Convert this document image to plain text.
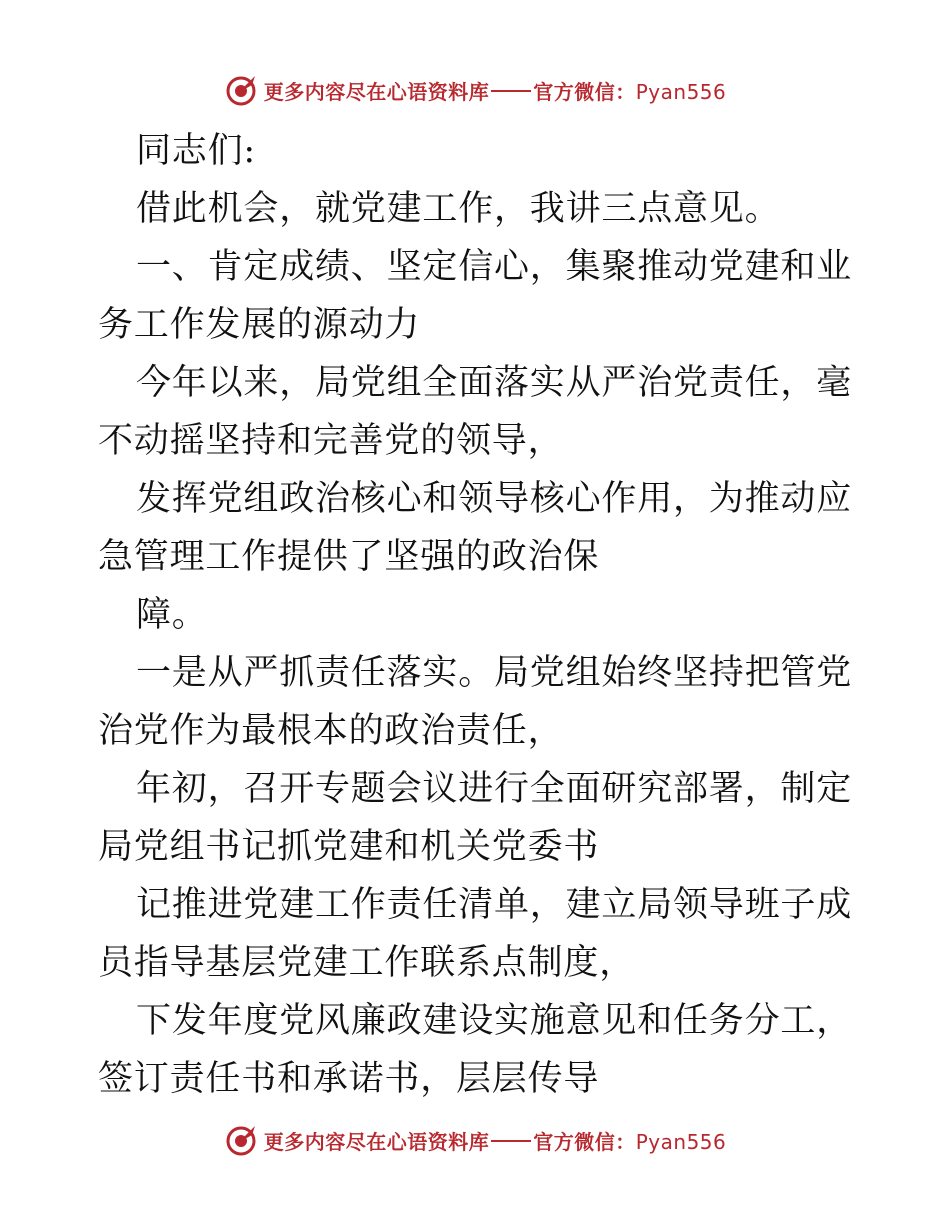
更多内容尽在心语资料库 官方微信：Pyan556

同志们:

借此机会，就党建工作，我讲三点意见。

一、肯定成绩、坚定信心，集聚推动党建和业务工作发展的源动力

今年以来，局党组全面落实从严治党责任，毫不动摇坚持和完善党的领导，

发挥党组政治核心和领导核心作用，为推动应急管理工作提供了坚强的政治保

障。

一是从严抓责任落实。局党组始终坚持把管党治党作为最根本的政治责任，

年初，召开专题会议进行全面研究部署，制定局党组书记抓党建和机关党委书

记推进党建工作责任清单，建立局领导班子成员指导基层党建工作联系点制度，

下发年度党风廉政建设实施意见和任务分工，签订责任书和承诺书，层层传导

更多内容尽在心语资料库 官方微信：Pyan556
